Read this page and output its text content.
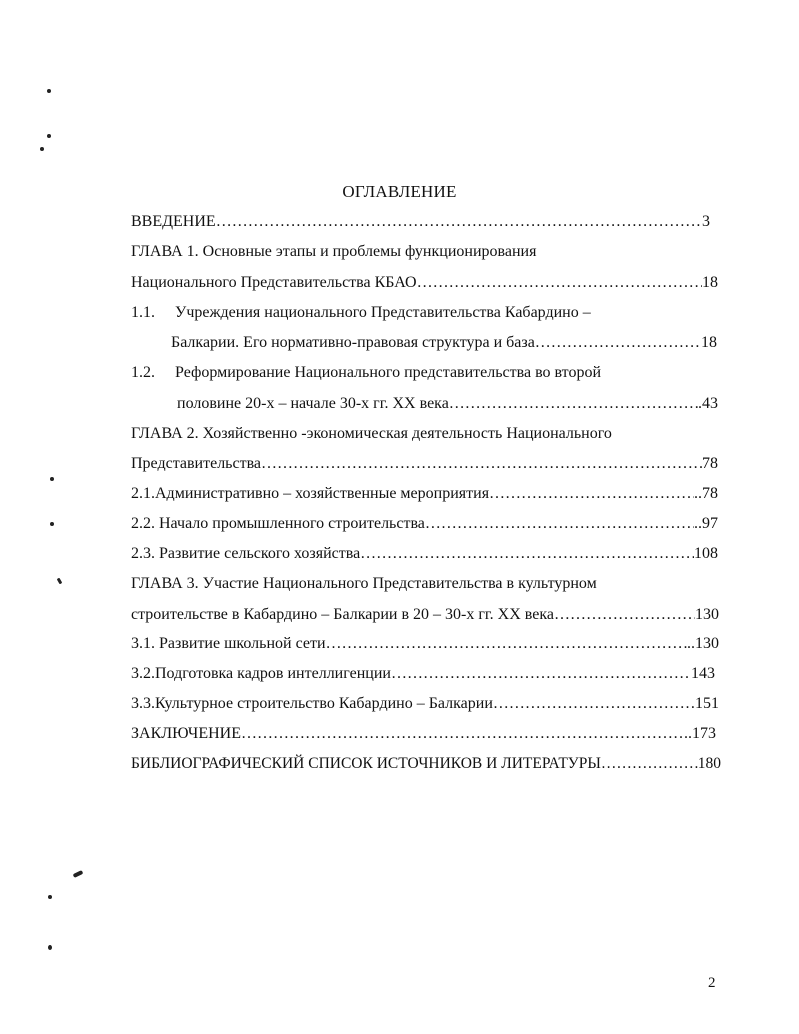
ОГЛАВЛЕНИЕ
ВВЕДЕНИЕ ……………………………………………………………………………………………………………………………………………………………	3
ГЛАВА 1. Основные этапы и проблемы функционирования
Национального Представительства КБАО ……………………………………………………………………………………………………………………………………………………………	18
1.1. Учреждения национального Представительства Кабардино –
Балкарии. Его нормативно-правовая структура и база ……………………………………………………………………………………………………………………………………………………………	18
1.2. Реформирование Национального представительства во второй
половине 20-х – начале 30-х гг. XX века ……………………………………………………………………………………………………………………………………………………………	.43
ГЛАВА 2. Хозяйственно -экономическая деятельность Национального
Представительства ……………………………………………………………………………………………………………………………………………………………	78
2.1. Административно – хозяйственные мероприятия ……………………………………………………………………………………………………………………………………………………………	..78
2.2. Начало промышленного строительства ……………………………………………………………………………………………………………………………………………………………	..97
2.3. Развитие сельского хозяйства ……………………………………………………………………………………………………………………………………………………………	108
ГЛАВА 3. Участие Национального Представительства в культурном
строительстве в Кабардино – Балкарии в 20 – 30-х гг. XX века ……………………………………………………………………………………………………………………………………………………………	130
3.1. Развитие школьной сети ……………………………………………………………………………………………………………………………………………………………	..130
3.2. Подготовка кадров интеллигенции ……………………………………………………………………………………………………………………………………………………………	143
3.3. Культурное строительство Кабардино – Балкарии ……………………………………………………………………………………………………………………………………………………………	151
ЗАКЛЮЧЕНИЕ ……………………………………………………………………………………………………………………………………………………………	..173
БИБЛИОГРАФИЧЕСКИЙ СПИСОК ИСТОЧНИКОВ И ЛИТЕРАТУРЫ ……………………………………………………………………………………………………………………………………………………………	180
2
